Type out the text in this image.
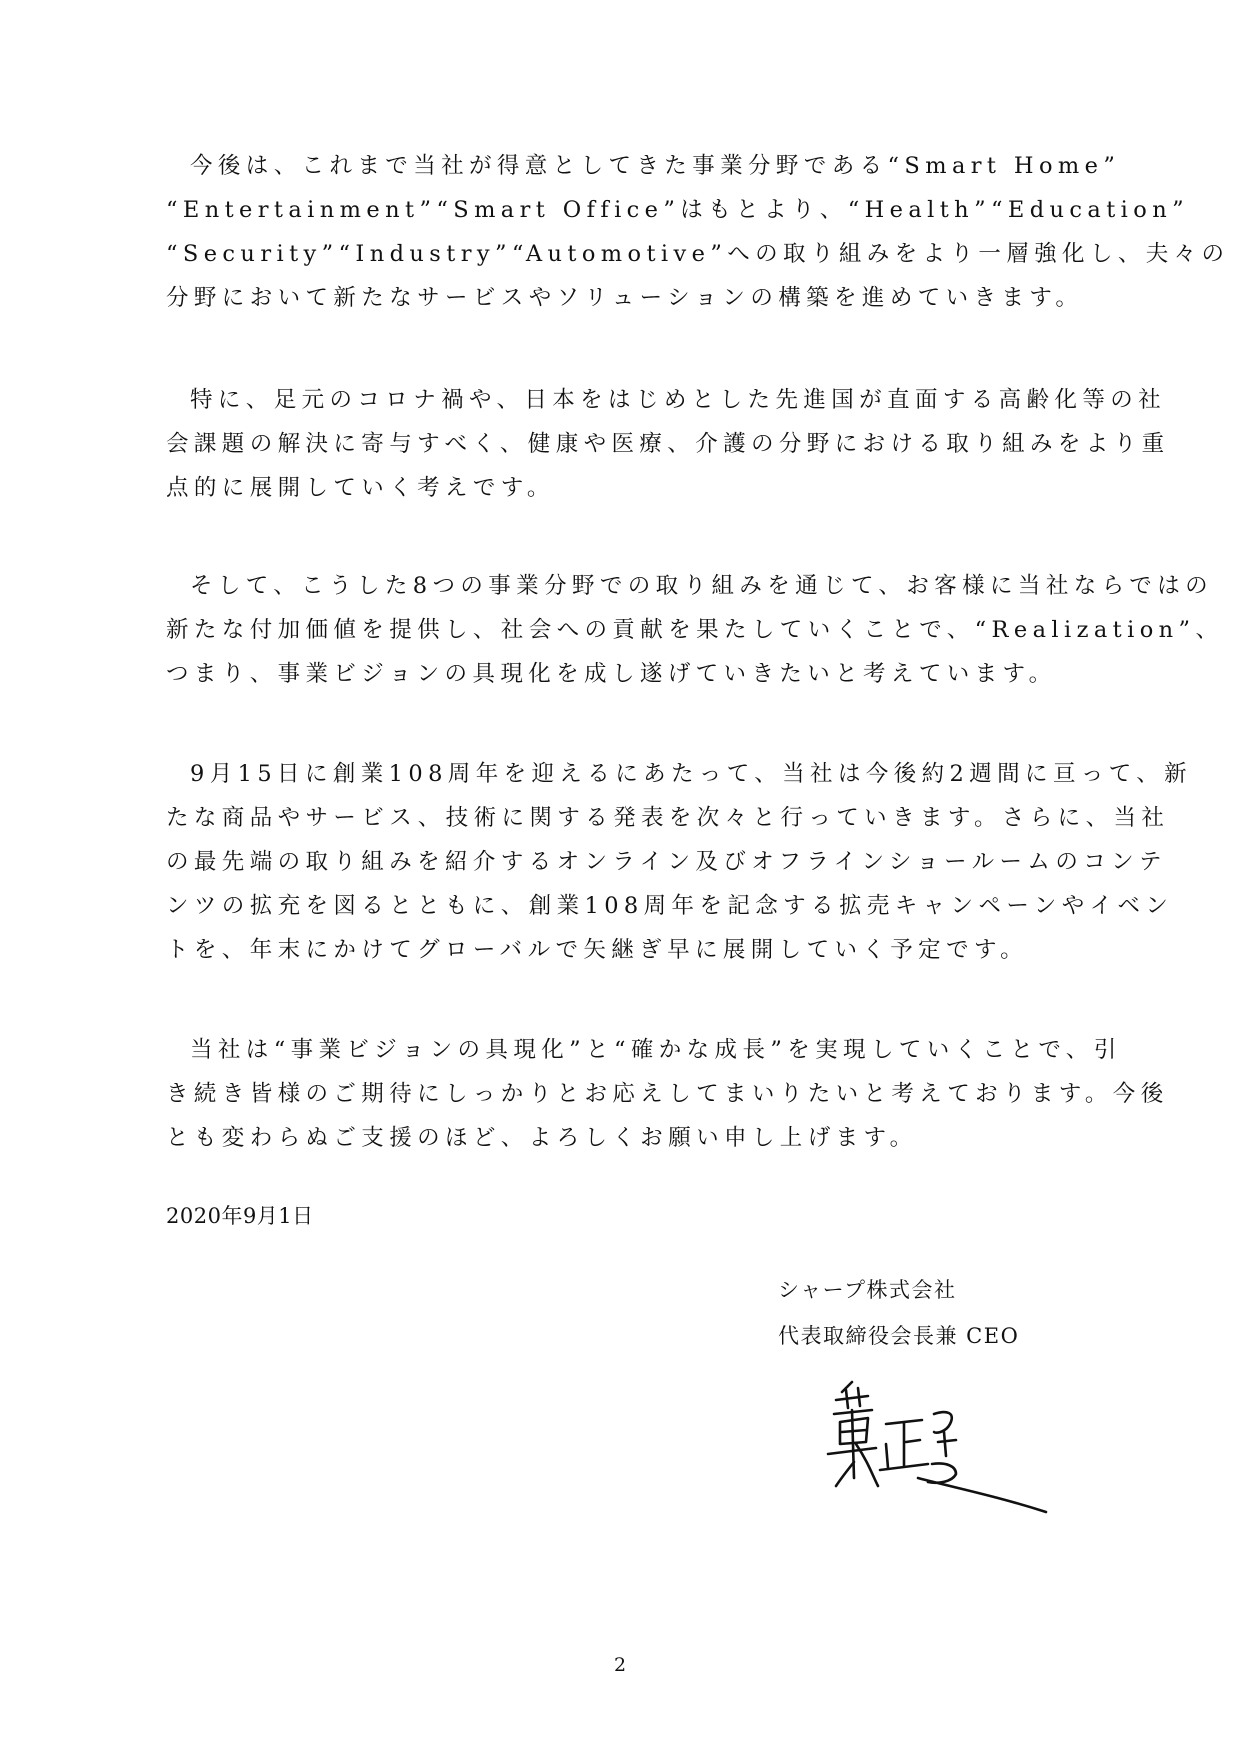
今後は、これまで当社が得意としてきた事業分野である“Smart Home”
“Entertainment”“Smart Office”はもとより、“Health”“Education”
“Security”“Industry”“Automotive”への取り組みをより一層強化し、夫々の
分野において新たなサービスやソリューションの構築を進めていきます。
特に、足元のコロナ禍や、日本をはじめとした先進国が直面する高齢化等の社
会課題の解決に寄与すべく、健康や医療、介護の分野における取り組みをより重
点的に展開していく考えです。
そして、こうした8つの事業分野での取り組みを通じて、お客様に当社ならではの
新たな付加価値を提供し、社会への貢献を果たしていくことで、“Realization”、
つまり、事業ビジョンの具現化を成し遂げていきたいと考えています。
9月15日に創業108周年を迎えるにあたって、当社は今後約2週間に亘って、新
たな商品やサービス、技術に関する発表を次々と行っていきます。さらに、当社
の最先端の取り組みを紹介するオンライン及びオフラインショールームのコンテ
ンツの拡充を図るとともに、創業108周年を記念する拡売キャンペーンやイベン
トを、年末にかけてグローバルで矢継ぎ早に展開していく予定です。
当社は“事業ビジョンの具現化”と“確かな成長”を実現していくことで、引
き続き皆様のご期待にしっかりとお応えしてまいりたいと考えております。今後
とも変わらぬご支援のほど、よろしくお願い申し上げます。
2020年9月1日
シャープ株式会社
代表取締役会長兼 CEO
2
